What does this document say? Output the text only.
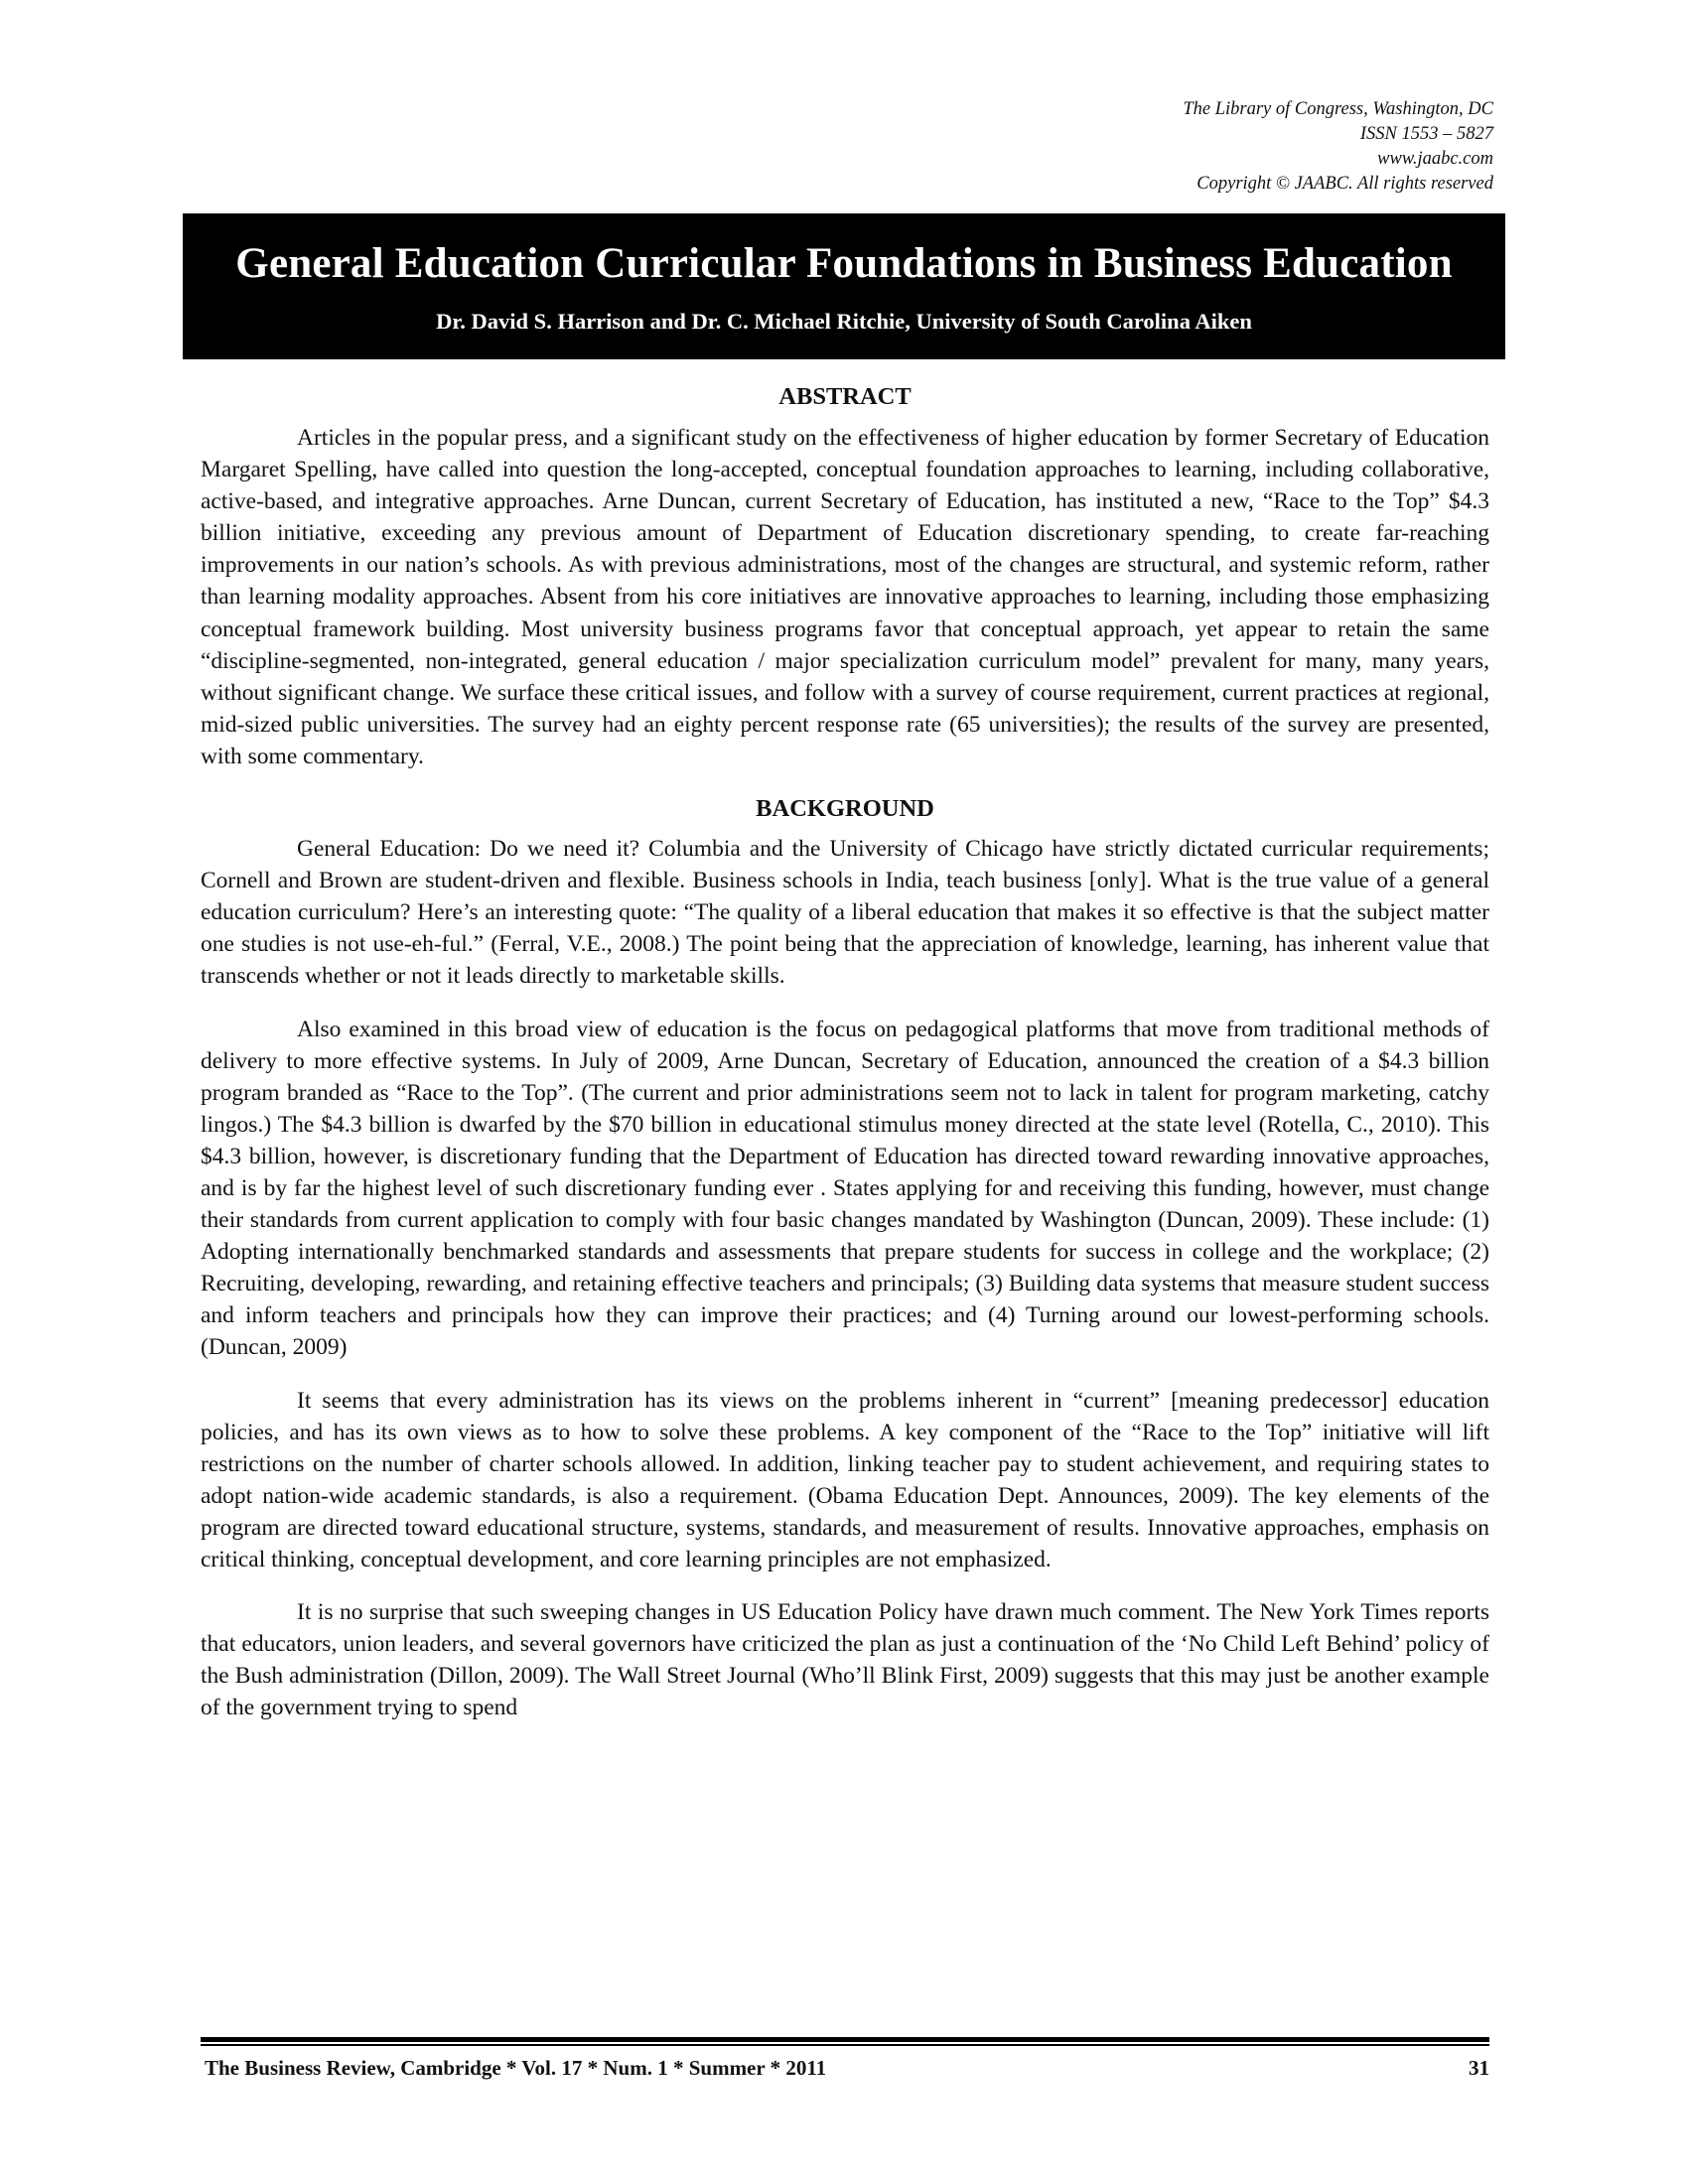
The Library of Congress, Washington, DC
ISSN 1553 – 5827
www.jaabc.com
Copyright © JAABC. All rights reserved
General Education Curricular Foundations in Business Education
Dr. David S. Harrison and Dr. C. Michael Ritchie, University of South Carolina Aiken
ABSTRACT

Articles in the popular press, and a significant study on the effectiveness of higher education by former Secretary of Education Margaret Spelling, have called into question the long-accepted, conceptual foundation approaches to learning, including collaborative, active-based, and integrative approaches. Arne Duncan, current Secretary of Education, has instituted a new, “Race to the Top” $4.3 billion initiative, exceeding any previous amount of Department of Education discretionary spending, to create far-reaching improvements in our nation’s schools. As with previous administrations, most of the changes are structural, and systemic reform, rather than learning modality approaches. Absent from his core initiatives are innovative approaches to learning, including those emphasizing conceptual framework building. Most university business programs favor that conceptual approach, yet appear to retain the same “discipline-segmented, non-integrated, general education / major specialization curriculum model” prevalent for many, many years, without significant change. We surface these critical issues, and follow with a survey of course requirement, current practices at regional, mid-sized public universities. The survey had an eighty percent response rate (65 universities); the results of the survey are presented, with some commentary.

BACKGROUND

General Education: Do we need it? Columbia and the University of Chicago have strictly dictated curricular requirements; Cornell and Brown are student-driven and flexible. Business schools in India, teach business [only]. What is the true value of a general education curriculum? Here’s an interesting quote: “The quality of a liberal education that makes it so effective is that the subject matter one studies is not use-eh-ful.” (Ferral, V.E., 2008.) The point being that the appreciation of knowledge, learning, has inherent value that transcends whether or not it leads directly to marketable skills.

Also examined in this broad view of education is the focus on pedagogical platforms that move from traditional methods of delivery to more effective systems. In July of 2009, Arne Duncan, Secretary of Education, announced the creation of a $4.3 billion program branded as “Race to the Top”. (The current and prior administrations seem not to lack in talent for program marketing, catchy lingos.) The $4.3 billion is dwarfed by the $70 billion in educational stimulus money directed at the state level (Rotella, C., 2010). This $4.3 billion, however, is discretionary funding that the Department of Education has directed toward rewarding innovative approaches, and is by far the highest level of such discretionary funding ever . States applying for and receiving this funding, however, must change their standards from current application to comply with four basic changes mandated by Washington (Duncan, 2009). These include: (1) Adopting internationally benchmarked standards and assessments that prepare students for success in college and the workplace; (2) Recruiting, developing, rewarding, and retaining effective teachers and principals; (3) Building data systems that measure student success and inform teachers and principals how they can improve their practices; and (4) Turning around our lowest-performing schools. (Duncan, 2009)

It seems that every administration has its views on the problems inherent in “current” [meaning predecessor] education policies, and has its own views as to how to solve these problems. A key component of the “Race to the Top” initiative will lift restrictions on the number of charter schools allowed. In addition, linking teacher pay to student achievement, and requiring states to adopt nation-wide academic standards, is also a requirement. (Obama Education Dept. Announces, 2009). The key elements of the program are directed toward educational structure, systems, standards, and measurement of results. Innovative approaches, emphasis on critical thinking, conceptual development, and core learning principles are not emphasized.

It is no surprise that such sweeping changes in US Education Policy have drawn much comment. The New York Times reports that educators, union leaders, and several governors have criticized the plan as just a continuation of the ‘No Child Left Behind’ policy of the Bush administration (Dillon, 2009). The Wall Street Journal (Who’ll Blink First, 2009) suggests that this may just be another example of the government trying to spend

The Business Review, Cambridge * Vol. 17 * Num. 1 * Summer * 2011	31
